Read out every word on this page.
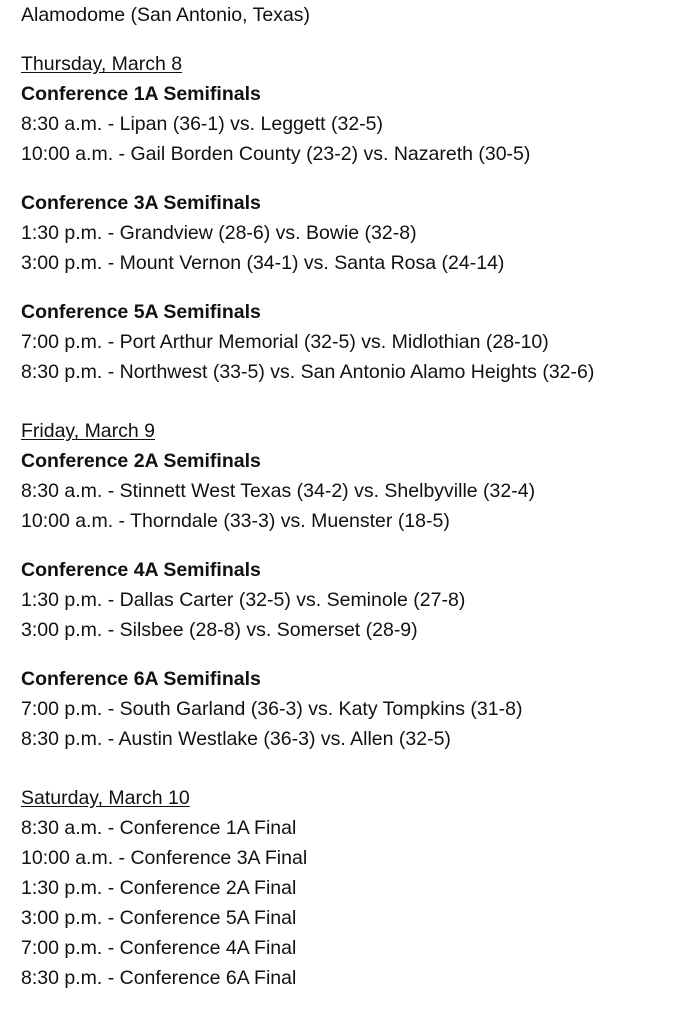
Alamodome (San Antonio, Texas)
Thursday, March 8
Conference 1A Semifinals
8:30 a.m. - Lipan (36-1) vs. Leggett (32-5)
10:00 a.m. - Gail Borden County (23-2) vs. Nazareth (30-5)
Conference 3A Semifinals
1:30 p.m. - Grandview (28-6) vs. Bowie (32-8)
3:00 p.m. - Mount Vernon (34-1) vs. Santa Rosa (24-14)
Conference 5A Semifinals
7:00 p.m. - Port Arthur Memorial (32-5) vs. Midlothian (28-10)
8:30 p.m. - Northwest (33-5) vs. San Antonio Alamo Heights (32-6)
Friday, March 9
Conference 2A Semifinals
8:30 a.m. - Stinnett West Texas (34-2) vs. Shelbyville (32-4)
10:00 a.m. - Thorndale (33-3) vs. Muenster (18-5)
Conference 4A Semifinals
1:30 p.m. - Dallas Carter (32-5) vs. Seminole (27-8)
3:00 p.m. - Silsbee (28-8) vs. Somerset (28-9)
Conference 6A Semifinals
7:00 p.m. - South Garland (36-3) vs. Katy Tompkins (31-8)
8:30 p.m. - Austin Westlake (36-3) vs. Allen (32-5)
Saturday, March 10
8:30 a.m. - Conference 1A Final
10:00 a.m. - Conference 3A Final
1:30 p.m. - Conference 2A Final
3:00 p.m. - Conference 5A Final
7:00 p.m. - Conference 4A Final
8:30 p.m. - Conference 6A Final
